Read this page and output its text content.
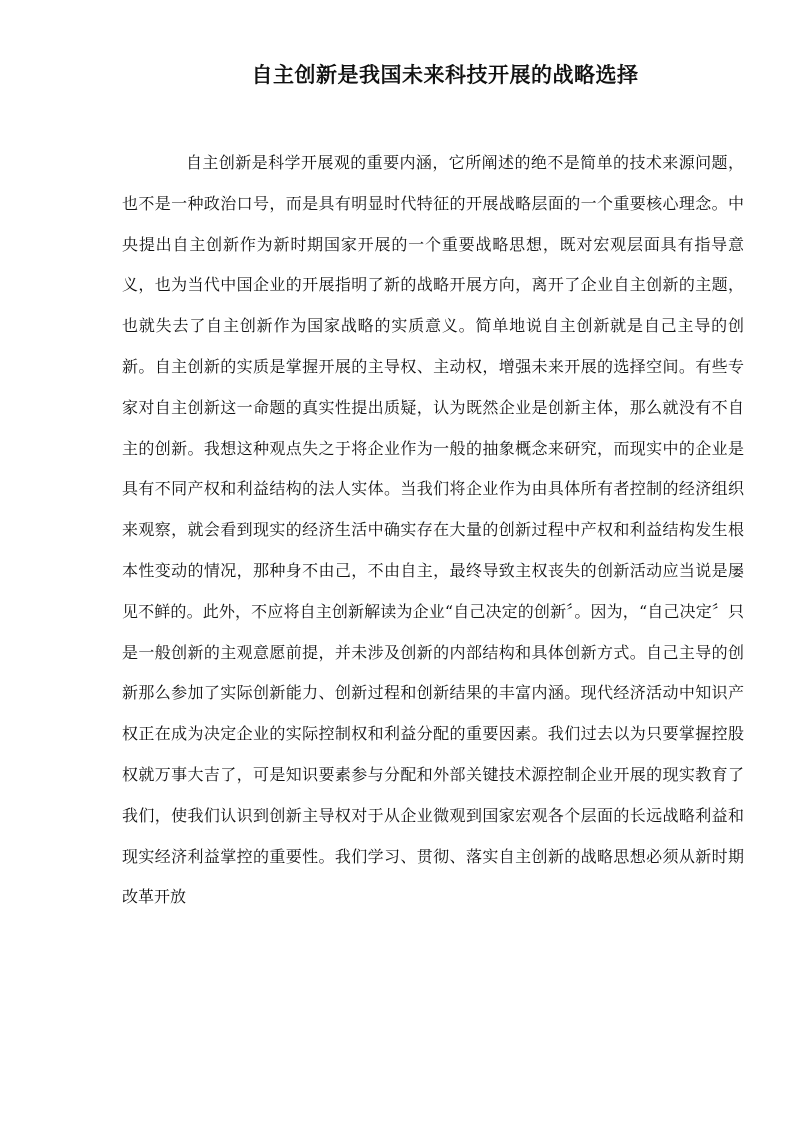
自主创新是我国未来科技开展的战略选择

自主创新是科学开展观的重要内涵，它所阐述的绝不是简单的技术来源问题，也不是一种政治口号，而是具有明显时代特征的开展战略层面的一个重要核心理念。中央提出自主创新作为新时期国家开展的一个重要战略思想，既对宏观层面具有指导意义，也为当代中国企业的开展指明了新的战略开展方向，离开了企业自主创新的主题，也就失去了自主创新作为国家战略的实质意义。简单地说自主创新就是自己主导的创新。自主创新的实质是掌握开展的主导权、主动权，增强未来开展的选择空间。有些专家对自主创新这一命题的真实性提出质疑，认为既然企业是创新主体，那么就没有不自主的创新。我想这种观点失之于将企业作为一般的抽象概念来研究，而现实中的企业是具有不同产权和利益结构的法人实体。当我们将企业作为由具体所有者控制的经济组织来观察，就会看到现实的经济生活中确实存在大量的创新过程中产权和利益结构发生根本性变动的情况，那种身不由己，不由自主，最终导致主权丧失的创新活动应当说是屡见不鲜的。此外，不应将自主创新解读为企业“自己决定的创新〞。因为，“自己决定〞只是一般创新的主观意愿前提，并未涉及创新的内部结构和具体创新方式。自己主导的创新那么参加了实际创新能力、创新过程和创新结果的丰富内涵。现代经济活动中知识产权正在成为决定企业的实际控制权和利益分配的重要因素。我们过去以为只要掌握控股权就万事大吉了，可是知识要素参与分配和外部关键技术源控制企业开展的现实教育了我们，使我们认识到创新主导权对于从企业微观到国家宏观各个层面的长远战略利益和现实经济利益掌控的重要性。我们学习、贯彻、落实自主创新的战略思想必须从新时期改革开放
